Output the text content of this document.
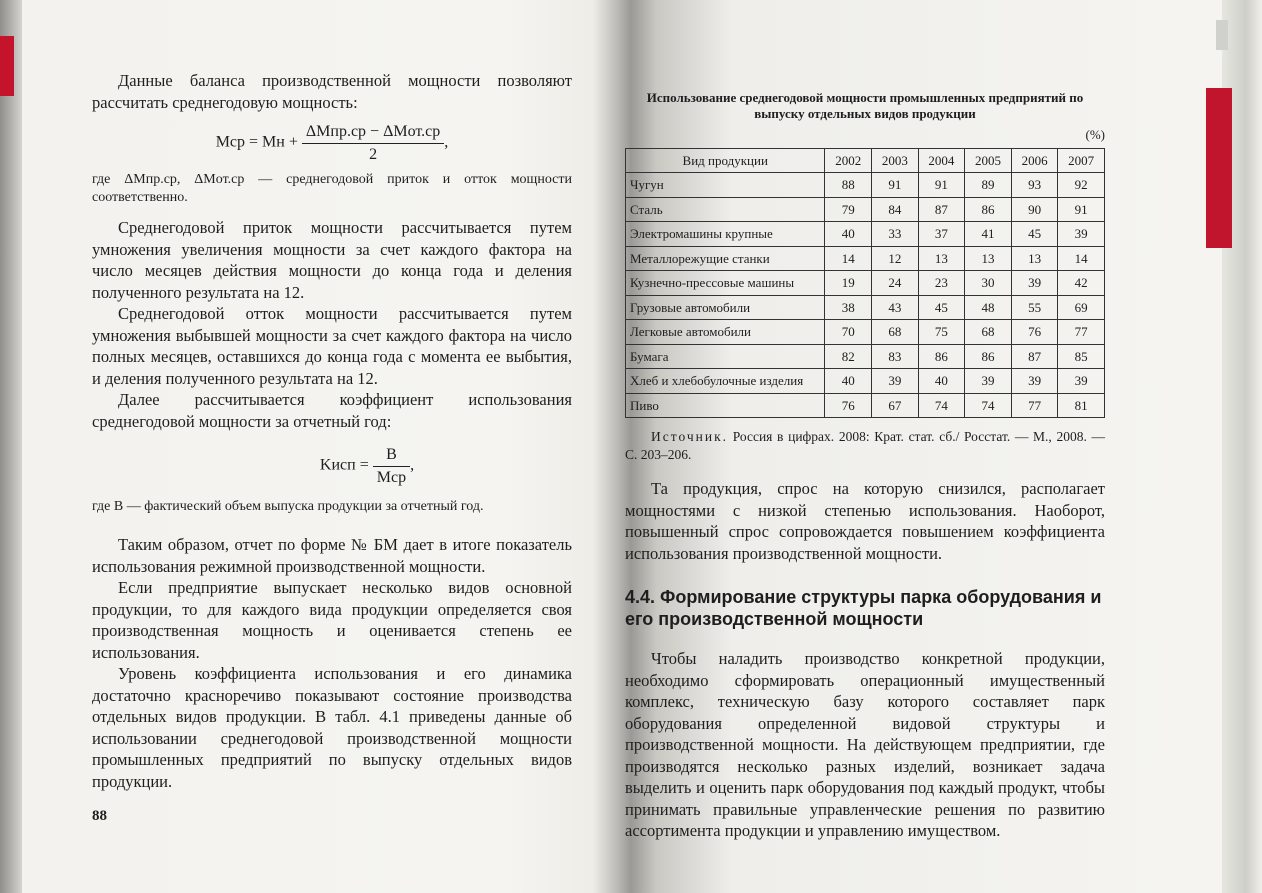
Данные баланса производственной мощности позволяют рассчитать среднегодовую мощность:

Mср = Mн + $\frac{\text{ΔMпр.ср − ΔMот.ср}}{2}$ ,

где ΔMпр.ср, ΔMот.ср — среднегодовой приток и отток мощности соответственно.

Среднегодовой приток мощности рассчитывается путем умножения увеличения мощности за счет каждого фактора на число месяцев действия мощности до конца года и деления полученного результата на 12.

Среднегодовой отток мощности рассчитывается путем умножения выбывшей мощности за счет каждого фактора на число полных месяцев, оставшихся до конца года с момента ее выбытия, и деления полученного результата на 12.

Далее рассчитывается коэффициент использования среднегодовой мощности за отчетный год:

Kисп = $\frac{B}{\text{Mср}}$ ,

где B — фактический объем выпуска продукции за отчетный год.

Таким образом, отчет по форме № БМ дает в итоге показатель использования режимной производственной мощности.

Если предприятие выпускает несколько видов основной продукции, то для каждого вида продукции определяется своя производственная мощность и оценивается степень ее использования.

Уровень коэффициента использования и его динамика достаточно красноречиво показывают состояние производства отдельных видов продукции. В табл. 4.1 приведены данные об использовании среднегодовой производственной мощности промышленных предприятий по выпуску отдельных видов продукции.

88

Использование среднегодовой мощности промышленных предприятий по выпуску отдельных видов продукции

(%)
Вид продукции	2002	2003	2004	2005	2006	2007
Чугун	88	91	91	89	93	92
Сталь	79	84	87	86	90	91
Электромашины крупные	40	33	37	41	45	39
Металлорежущие станки	14	12	13	13	13	14
Кузнечно-прессовые машины	19	24	23	30	39	42
Грузовые автомобили	38	43	45	48	55	69
Легковые автомобили	70	68	75	68	76	77
Бумага	82	83	86	86	87	85
Хлеб и хлебобулочные изделия	40	39	40	39	39	39
Пиво	76	67	74	74	77	81

Источник. Россия в цифрах. 2008: Крат. стат. сб./ Росстат. — М., 2008. — С. 203–206.

Та продукция, спрос на которую снизился, располагает мощностями с низкой степенью использования. Наоборот, повышенный спрос сопровождается повышением коэффициента использования производственной мощности.

4.4. Формирование структуры парка оборудования и его производственной мощности

Чтобы наладить производство конкретной продукции, необходимо сформировать операционный имущественный комплекс, техническую базу которого составляет парк оборудования определенной видовой структуры и производственной мощности. На действующем предприятии, где производятся несколько разных изделий, возникает задача выделить и оценить парк оборудования под каждый продукт, чтобы принимать правильные управленческие решения по развитию ассортимента продукции и управлению имуществом.
